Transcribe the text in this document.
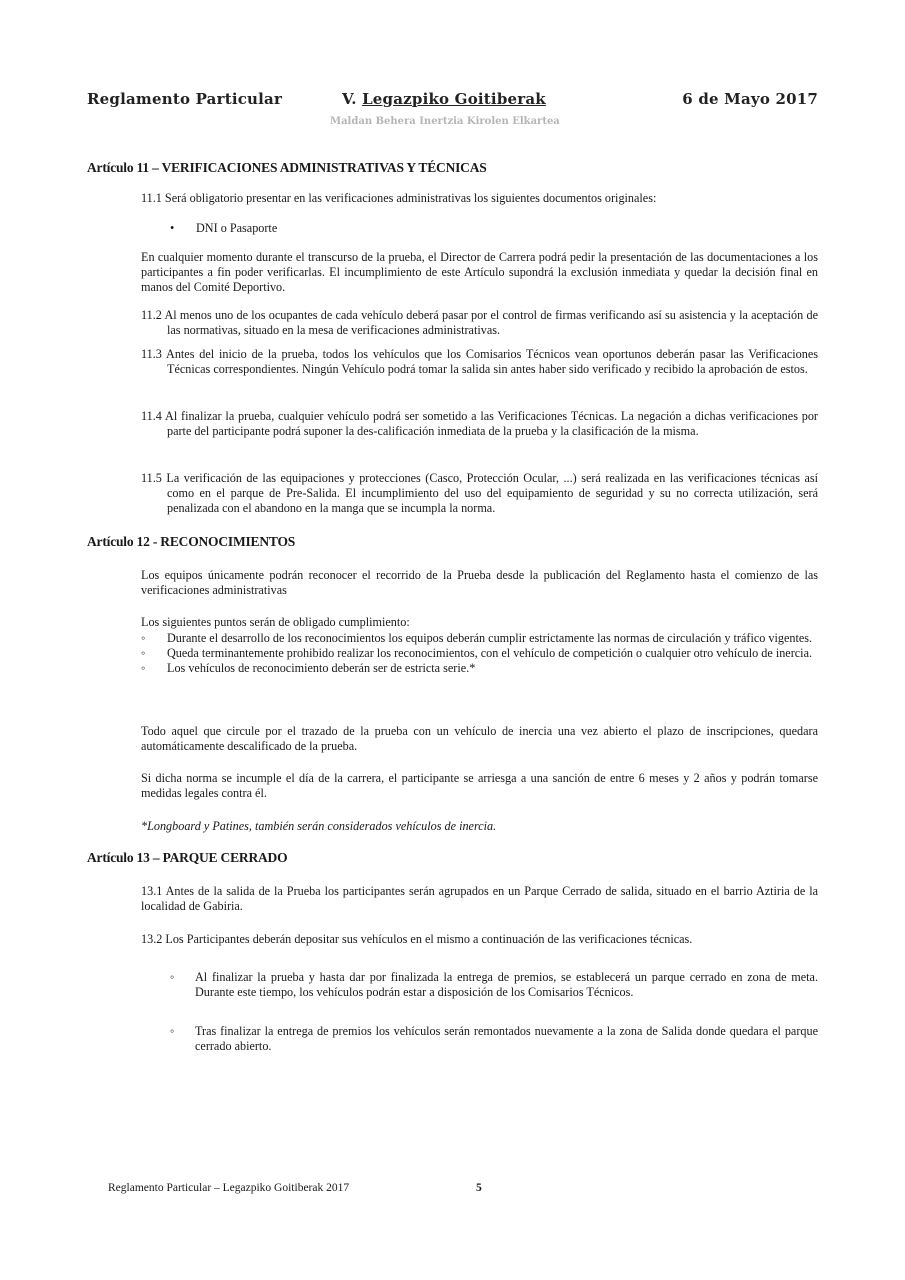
Reglamento Particular	V. Legazpiko Goitiberak	6 de Mayo 2017
Maldan Behera Inertzia Kirolen Elkartea
Artículo 11 – VERIFICACIONES ADMINISTRATIVAS Y TÉCNICAS
11.1 Será obligatorio presentar en las verificaciones administrativas los siguientes documentos originales:
• DNI o Pasaporte
En cualquier momento durante el transcurso de la prueba, el Director de Carrera podrá pedir la presentación de las documentaciones a los participantes a fin poder verificarlas. El incumplimiento de este Artículo supondrá la exclusión inmediata y quedar la decisión final en manos del Comité Deportivo.
11.2 Al menos uno de los ocupantes de cada vehículo deberá pasar por el control de firmas verificando así su asistencia y la aceptación de las normativas, situado en la mesa de verificaciones administrativas.
11.3 Antes del inicio de la prueba, todos los vehículos que los Comisarios Técnicos vean oportunos deberán pasar las Verificaciones Técnicas correspondientes. Ningún Vehículo podrá tomar la salida sin antes haber sido verificado y recibido la aprobación de estos.
11.4 Al finalizar la prueba, cualquier vehículo podrá ser sometido a las Verificaciones Técnicas. La negación a dichas verificaciones por parte del participante podrá suponer la des-calificación inmediata de la prueba y la clasificación de la misma.
11.5 La verificación de las equipaciones y protecciones (Casco, Protección Ocular, ...) será realizada en las verificaciones técnicas así como en el parque de Pre-Salida. El incumplimiento del uso del equipamiento de seguridad y su no correcta utilización, será penalizada con el abandono en la manga que se incumpla la norma.
Artículo 12 - RECONOCIMIENTOS
Los equipos únicamente podrán reconocer el recorrido de la Prueba desde la publicación del Reglamento hasta el comienzo de las verificaciones administrativas
Los siguientes puntos serán de obligado cumplimiento:
◦	Durante el desarrollo de los reconocimientos los equipos deberán cumplir estrictamente las normas de circulación y tráfico vigentes.
◦	Queda terminantemente prohibido realizar los reconocimientos, con el vehículo de competición o cualquier otro vehículo de inercia.
◦	Los vehículos de reconocimiento deberán ser de estricta serie.*
Todo aquel que circule por el trazado de la prueba con un vehículo de inercia una vez abierto el plazo de inscripciones, quedara automáticamente descalificado de la prueba.
Si dicha norma se incumple el día de la carrera, el participante se arriesga a una sanción de entre 6 meses y 2 años y podrán tomarse medidas legales contra él.
*Longboard y Patines, también serán considerados vehículos de inercia.
Artículo 13 – PARQUE CERRADO
13.1 Antes de la salida de la Prueba los participantes serán agrupados en un Parque Cerrado de salida, situado en el barrio Aztiria de la localidad de Gabiria.
13.2 Los Participantes deberán depositar sus vehículos en el mismo a continuación de las verificaciones técnicas.
◦ Al finalizar la prueba y hasta dar por finalizada la entrega de premios, se establecerá un parque cerrado en zona de meta. Durante este tiempo, los vehículos podrán estar a disposición de los Comisarios Técnicos.
◦ Tras finalizar la entrega de premios los vehículos serán remontados nuevamente a la zona de Salida donde quedara el parque cerrado abierto.
Reglamento Particular – Legazpiko Goitiberak 2017	5
